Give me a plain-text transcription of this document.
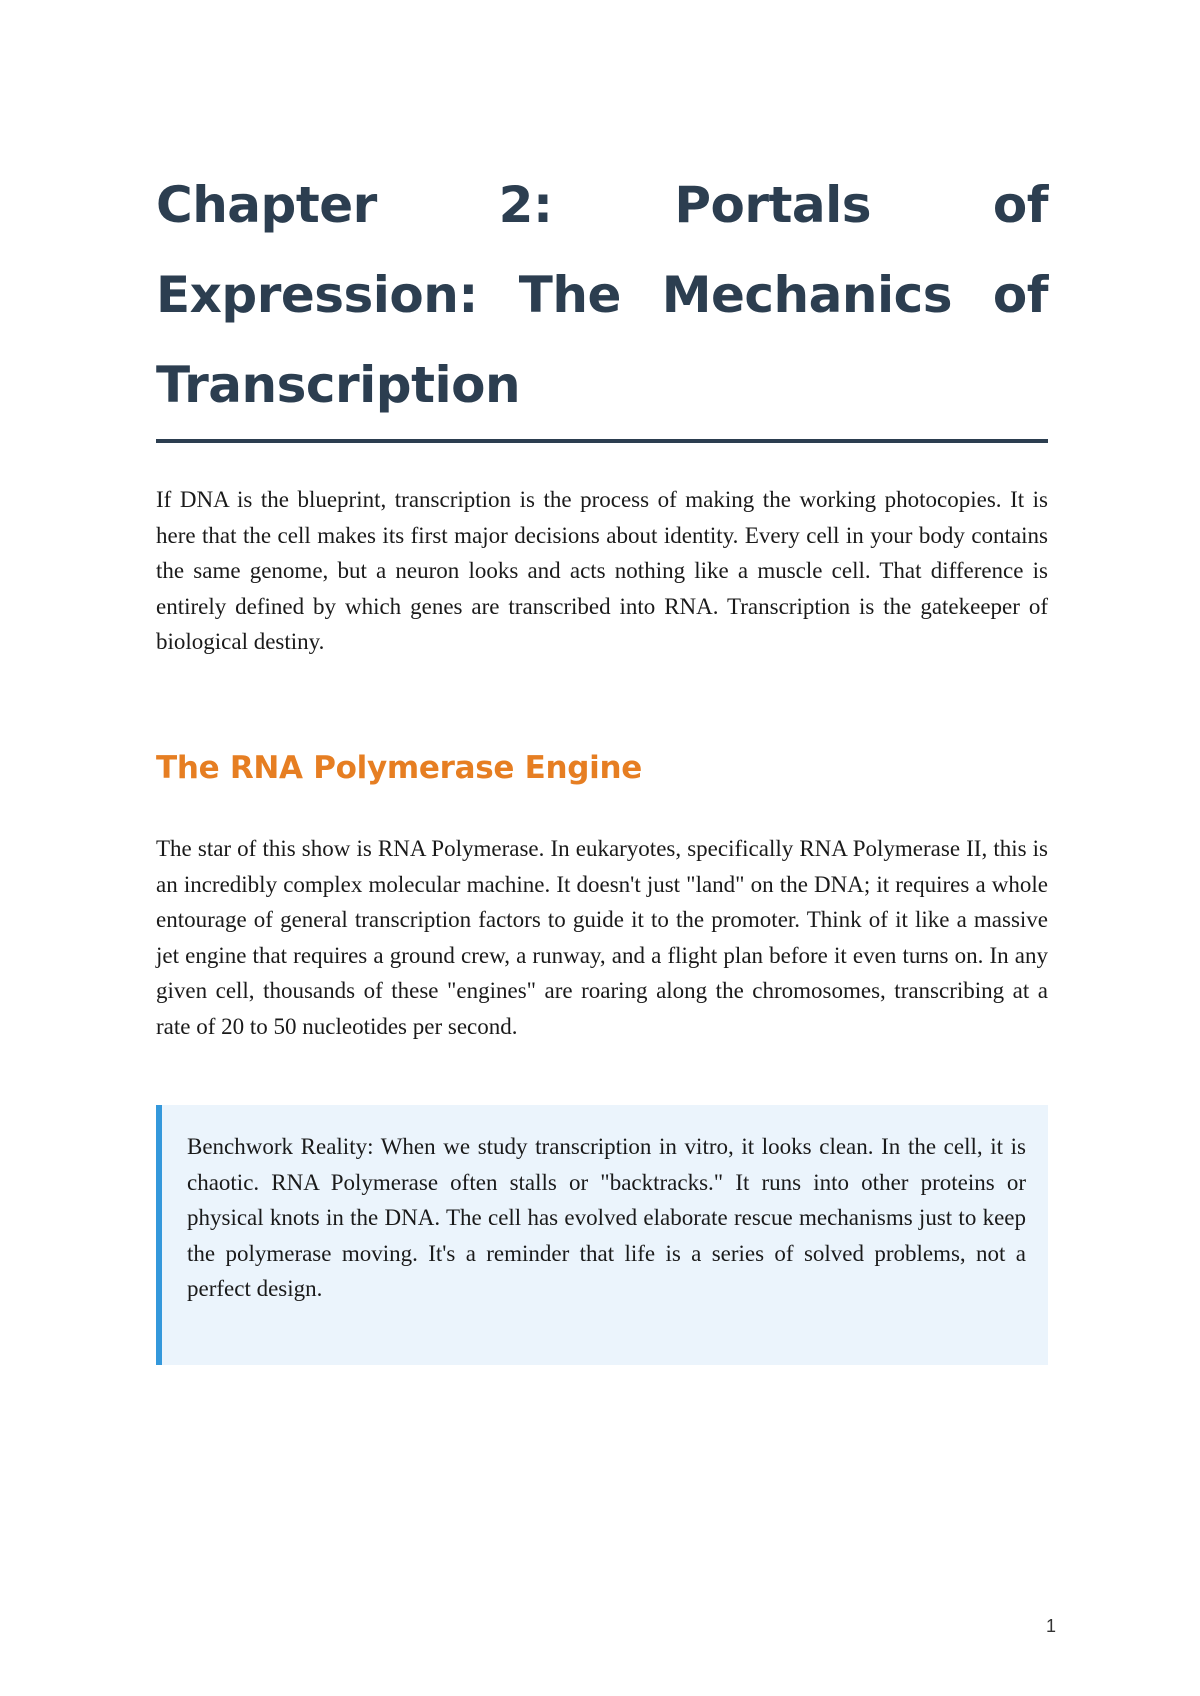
Chapter 2: Portals of Expression: The Mechanics of Transcription

If DNA is the blueprint, transcription is the process of making the working photocopies. It is here that the cell makes its first major decisions about identity. Every cell in your body contains the same genome, but a neuron looks and acts nothing like a muscle cell. That difference is entirely defined by which genes are transcribed into RNA. Transcription is the gatekeeper of biological destiny.

The RNA Polymerase Engine

The star of this show is RNA Polymerase. In eukaryotes, specifically RNA Polymerase II, this is an incredibly complex molecular machine. It doesn't just "land" on the DNA; it requires a whole entourage of general transcription factors to guide it to the promoter. Think of it like a massive jet engine that requires a ground crew, a runway, and a flight plan before it even turns on. In any given cell, thousands of these "engines" are roaring along the chromosomes, transcribing at a rate of 20 to 50 nucleotides per second.

Benchwork Reality: When we study transcription in vitro, it looks clean. In the cell, it is chaotic. RNA Polymerase often stalls or "backtracks." It runs into other proteins or physical knots in the DNA. The cell has evolved elaborate rescue mechanisms just to keep the polymerase moving. It's a reminder that life is a series of solved problems, not a perfect design.

1
